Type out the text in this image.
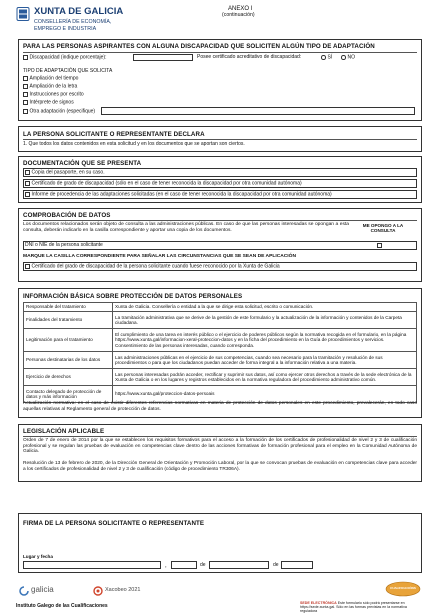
XUNTA DE GALICIA
CONSELLERÍA DE ECONOMÍA,
EMPREGO E INDUSTRIA
ANEXO I
(continuación)
PARA LAS PERSONAS ASPIRANTES CON ALGUNA DISCAPACIDAD QUE SOLICITEN ALGÚN TIPO DE ADAPTACIÓN
Discapacidad (indique porcentaje):	Posee certificado acreditativo de discapacidad:	SÍ	NO
TIPO DE ADAPTACIÓN QUE SOLICITA
Ampliación del tiempo
Ampliación de la letra
Instrucciones por escrito
Intérprete de signos
Otra adaptación (especifique)
LA PERSONA SOLICITANTE O REPRESENTANTE DECLARA
1. Que todos los datos contenidos en esta solicitud y en los documentos que se aportan son ciertos.
DOCUMENTACIÓN QUE SE PRESENTA
Copia del pasaporte, en su caso.
Certificado de grado de discapacidad (sólo en el caso de tener reconocida la discapacidad por otra comunidad autónoma)
Informe de procedencia de las adaptaciones solicitadas (en el caso de tener reconocida la discapacidad por otra comunidad autónoma)
COMPROBACIÓN DE DATOS
Los documentos relacionados serán objeto de consulta a las administraciones públicas. En caso de que las personas interesadas se opongan a esta consulta, deberán indicarlo en la casilla correspondiente y aportar una copia de los documentos.
ME OPONGO A LA CONSULTA
DNI o NIE de la persona solicitante
MARQUE LA CASILLA CORRESPONDIENTE PARA SEÑALAR LAS CIRCUNSTANCIAS QUE SE SEAN DE APLICACIÓN
Certificado del grado de discapacidad de la persona solicitante cuando fuese reconocido por la Xunta de Galicia
INFORMACIÓN BÁSICA SOBRE PROTECCIÓN DE DATOS PERSONALES
Responsable del tratamiento	Xunta de Galicia. Consellería o entidad a la que se dirige esta solicitud, escrito o comunicación.
Finalidades del tratamiento	La tramitación administrativa que se derive de la gestión de este formulario y la actualización de la información y contenidos de la Carpeta ciudadana.
Legitimación para el tratamiento	El cumplimiento de una tarea en interés público o el ejercicio de poderes públicos según la normativa recogida en el formulario, en la página https://www.xunta.gal/informacion-xeral-proteccion-datos y en la ficha del procedimiento en la Guía de procedimientos y servicios. Consentimiento de las personas interesadas, cuando corresponda.
Personas destinatarias de los datos	Las administraciones públicas en el ejercicio de sus competencias, cuando sea necesario para la tramitación y resolución de sus procedimientos o para que los ciudadanos puedan acceder de forma integral a la información relativa a una materia.
Ejercicio de derechos	Las personas interesadas podrán acceder, rectificar y suprimir sus datos, así como ejercer otros derechos a través de la sede electrónica de la Xunta de Galicia o en los lugares y registros establecidos en la normativa reguladora del procedimiento administrativo común.
Contacto delegado de protección de datos y más información	https://www.xunta.gal/proteccion-datos-persoais
Actualización normativa: en el caso de existir diferentes referencias normativas en materia de protección de datos personales en este procedimiento, prevalecerán, en todo caso aquellas relativas al Reglamento general de protección de datos.
LEGISLACIÓN APLICABLE
Orden de 7 de enero de 2014 por la que se establecen los requisitos formativos para el acceso a la formación de los certificados de profesionalidad de nivel 2 y 3 de cualificación profesional y se regulan las pruebas de evaluación en competencias clave dentro de las acciones formativas de formación profesional para el empleo en la Comunidad Autónoma de Galicia.
Resolución de 13 de febrero de 2020, de la Dirección General de Orientación y Promoción Laboral, por la que se convocan pruebas de evaluación en competencias clave para acceder a los certificados de profesionalidad de nivel 2 y 3 de cualificación (código de procedimiento TR306A).
FIRMA DE LA PERSONA SOLICITANTE O REPRESENTANTE
Lugar y fecha
,	de	de
galicia	Xacobeo 2021	CUALIFICACIÓNS
Instituto Galego de las Cualificaciones	SEDE ELECTRÓNICA Este formulario sólo podrá presentarse en https://sede.xunta.gal. Sólo en las formas previstas en la normativa reguladora
